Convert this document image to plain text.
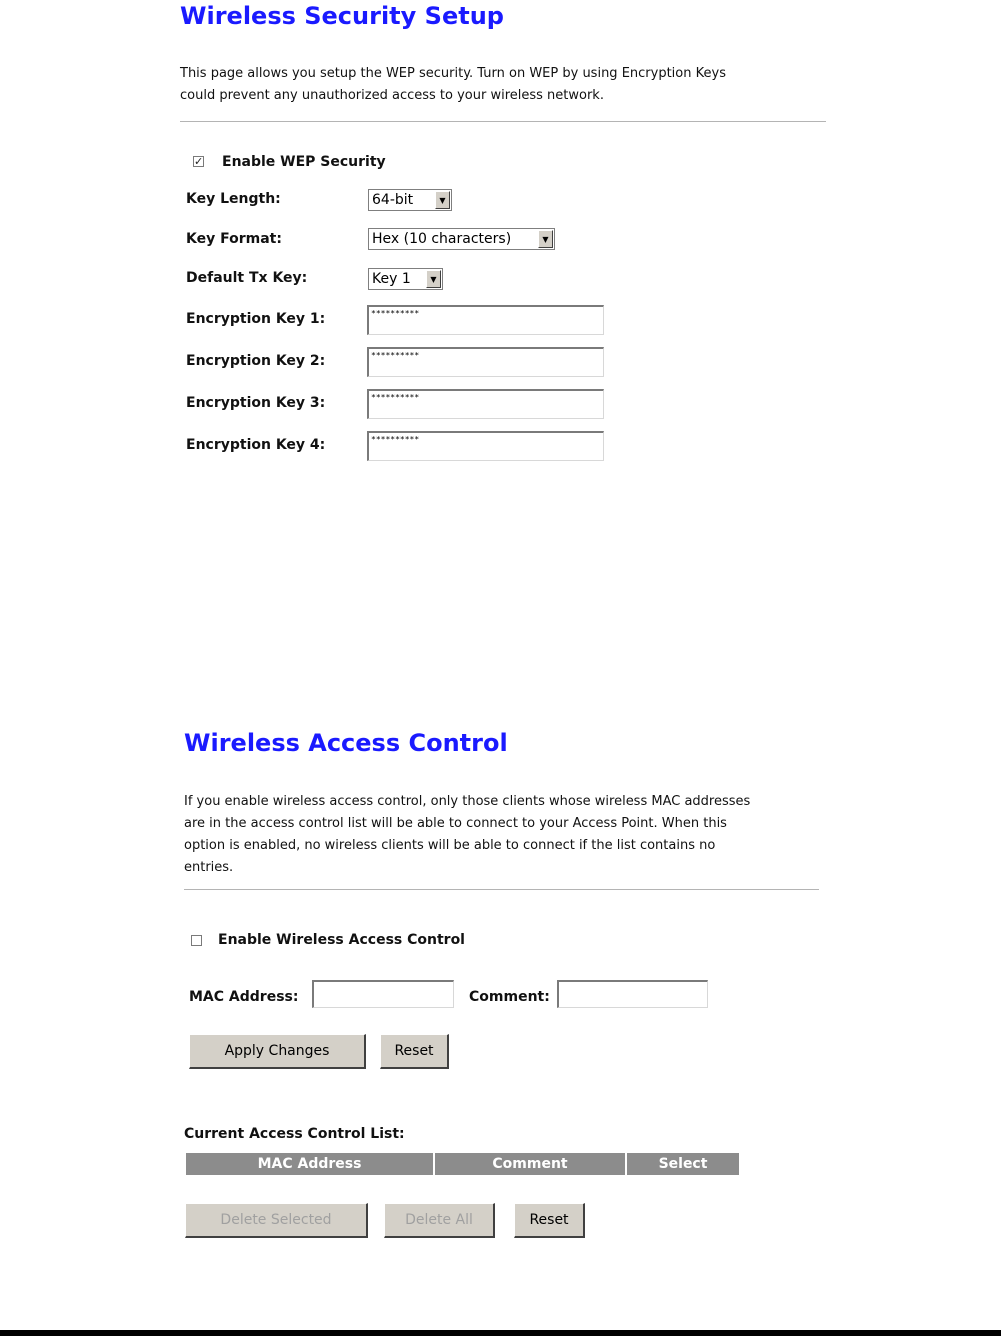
Wireless Security Setup

This page allows you setup the WEP security. Turn on WEP by using Encryption Keys
could prevent any unauthorized access to your wireless network.

✓ Enable WEP Security
Key Length:	64-bit	▼
Key Format:	Hex (10 characters)	▼
Default Tx Key:	Key 1	▼
Encryption Key 1:	**********
Encryption Key 2:	**********
Encryption Key 3:	**********
Encryption Key 4:	**********
Wireless Access Control

If you enable wireless access control, only those clients whose wireless MAC addresses
are in the access control list will be able to connect to your Access Point. When this
option is enabled, no wireless clients will be able to connect if the list contains no
entries.

Enable Wireless Access Control
MAC Address:	Comment:
Apply Changes	Reset
Current Access Control List:
MAC Address	Comment	Select
Delete Selected	Delete All	Reset
